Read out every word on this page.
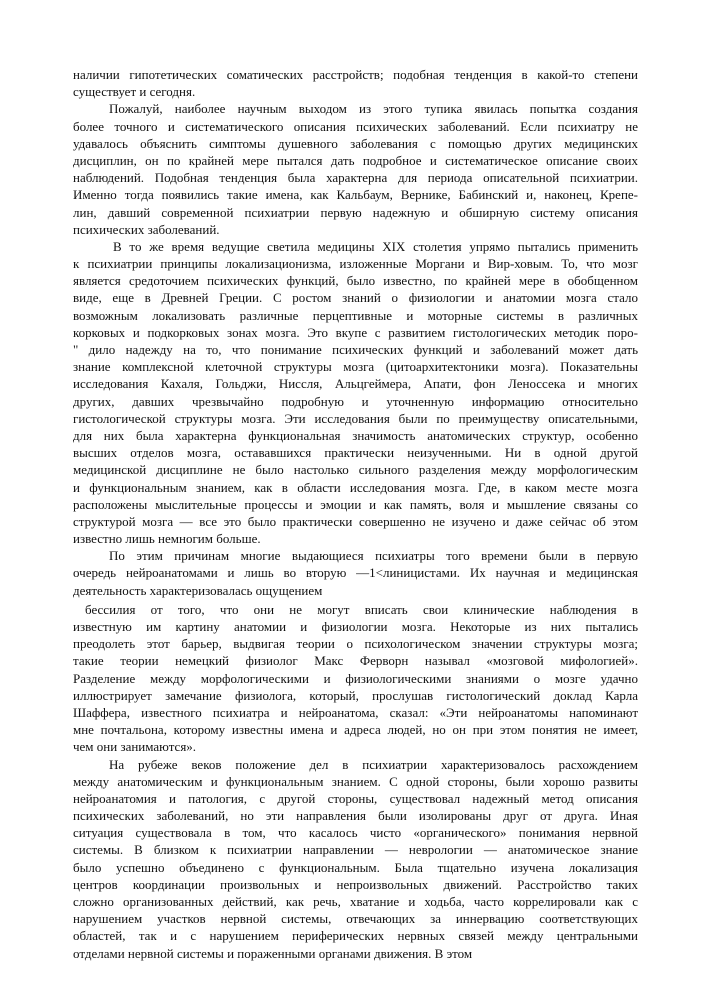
наличии гипотетических соматических расстройств; подобная тенденция в какой-то степени
существует и сегодня.
Пожалуй, наиболее научным выходом из этого тупика явилась попытка создания
более точного и систематического описания психических заболеваний. Если психиатру не
удавалось объяснить симптомы душевного заболевания с помощью других медицинских
дисциплин, он по крайней мере пытался дать подробное и систематическое описание своих
наблюдений. Подобная тенденция была характерна для периода описательной психиатрии.
Именно тогда появились такие имена, как Кальбаум, Вернике, Бабинский и, наконец, Крепе-
лин, давший современной психиатрии первую надежную и обширную систему описания
психических заболеваний.
В то же время ведущие светила медицины XIX столетия упрямо пытались применить
к психиатрии принципы локализационизма, изложенные Моргани и Вир-ховым. То, что мозг
является средоточием психических функций, было известно, по крайней мере в обобщенном
виде, еще в Древней Греции. С ростом знаний о физиологии и анатомии мозга стало
возможным локализовать различные перцептивные и моторные системы в различных
корковых и подкорковых зонах мозга. Это вкупе с развитием гистологических методик поро-
" дило надежду на то, что понимание психических функций и заболеваний может дать
знание комплексной клеточной структуры мозга (цитоархитектоники мозга). Показательны
исследования Кахаля, Гольджи, Ниссля, Альцгеймера, Апати, фон Леноссека и многих
других, давших чрезвычайно подробную и уточненную информацию относительно
гистологической структуры мозга. Эти исследования были по преимуществу описательными,
для них была характерна функциональная значимость анатомических структур, особенно
высших отделов мозга, остававшихся практически неизученными. Ни в одной другой
медицинской дисциплине не было настолько сильного разделения между морфологическим
и функциональным знанием, как в области исследования мозга. Где, в каком месте мозга
расположены мыслительные процессы и эмоции и как память, воля и мышление связаны со
структурой мозга — все это было практически совершенно не изучено и даже сейчас об этом
известно лишь немногим больше.
По этим причинам многие выдающиеся психиатры того времени были в первую
очередь нейроанатомами и лишь во вторую —1<линицистами. Их научная и медицинская
деятельность характеризовалась ощущением
бессилия от того, что они не могут вписать свои клинические наблюдения в
известную им картину анатомии и физиологии мозга. Некоторые из них пытались
преодолеть этот барьер, выдвигая теории о психологическом значении структуры мозга;
такие теории немецкий физиолог Макс Ферворн называл «мозговой мифологией».
Разделение между морфологическими и физиологическими знаниями о мозге удачно
иллюстрирует замечание физиолога, который, прослушав гистологический доклад Карла
Шаффера, известного психиатра и нейроанатома, сказал: «Эти нейроанатомы напоминают
мне почтальона, которому известны имена и адреса людей, но он при этом понятия не имеет,
чем они занимаются».
На рубеже веков положение дел в психиатрии характеризовалось расхождением
между анатомическим и функциональным знанием. С одной стороны, были хорошо развиты
нейроанатомия и патология, с другой стороны, существовал надежный метод описания
психических заболеваний, но эти направления были изолированы друг от друга. Иная
ситуация существовала в том, что касалось чисто «органического» понимания нервной
системы. В близком к психиатрии направлении — неврологии — анатомическое знание
было успешно объединено с функциональным. Была тщательно изучена локализация
центров координации произвольных и непроизвольных движений. Расстройство таких
сложно организованных действий, как речь, хватание и ходьба, часто коррелировали как с
нарушением участков нервной системы, отвечающих за иннервацию соответствующих
областей, так и с нарушением периферических нервных связей между центральными
отделами нервной системы и пораженными органами движения. В этом
